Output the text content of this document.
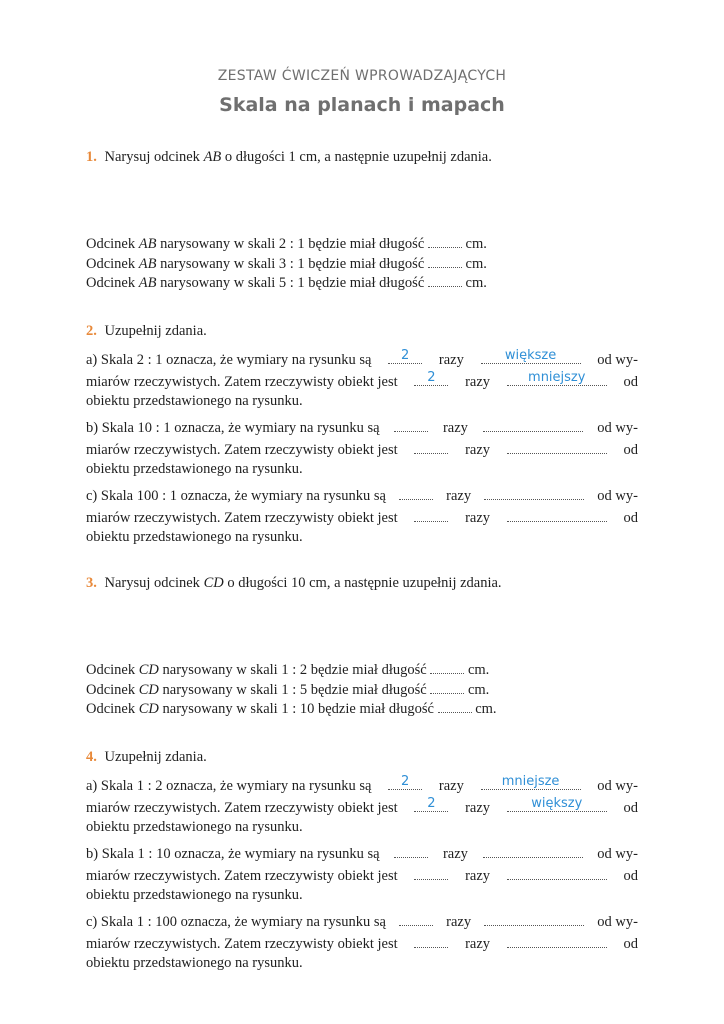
ZESTAW ĆWICZEŃ WPROWADZAJĄCYCH
Skala na planach i mapach
1. Narysuj odcinek AB o długości 1 cm, a następnie uzupełnij zdania.
Odcinek AB narysowany w skali 2 : 1 będzie miał długość	cm.
Odcinek AB narysowany w skali 3 : 1 będzie miał długość	cm.
Odcinek AB narysowany w skali 5 : 1 będzie miał długość	cm.
2. Uzupełnij zdania.
a) Skala 2 : 1 oznacza, że wymiary na rysunku są	2	razy	większe	od wy-
miarów rzeczywistych. Zatem rzeczywisty obiekt jest	2	razy	mniejszy	od
obiektu przedstawionego na rysunku.
b) Skala 10 : 1 oznacza, że wymiary na rysunku są	razy	od wy-
miarów rzeczywistych. Zatem rzeczywisty obiekt jest	razy	od
obiektu przedstawionego na rysunku.
c) Skala 100 : 1 oznacza, że wymiary na rysunku są	razy	od wy-
miarów rzeczywistych. Zatem rzeczywisty obiekt jest	razy	od
obiektu przedstawionego na rysunku.
3. Narysuj odcinek CD o długości 10 cm, a następnie uzupełnij zdania.
Odcinek CD narysowany w skali 1 : 2 będzie miał długość	cm.
Odcinek CD narysowany w skali 1 : 5 będzie miał długość	cm.
Odcinek CD narysowany w skali 1 : 10 będzie miał długość	cm.
4. Uzupełnij zdania.
a) Skala 1 : 2 oznacza, że wymiary na rysunku są	2	razy	mniejsze	od wy-
miarów rzeczywistych. Zatem rzeczywisty obiekt jest	2	razy	większy	od
obiektu przedstawionego na rysunku.
b) Skala 1 : 10 oznacza, że wymiary na rysunku są	razy	od wy-
miarów rzeczywistych. Zatem rzeczywisty obiekt jest	razy	od
obiektu przedstawionego na rysunku.
c) Skala 1 : 100 oznacza, że wymiary na rysunku są	razy	od wy-
miarów rzeczywistych. Zatem rzeczywisty obiekt jest	razy	od
obiektu przedstawionego na rysunku.
